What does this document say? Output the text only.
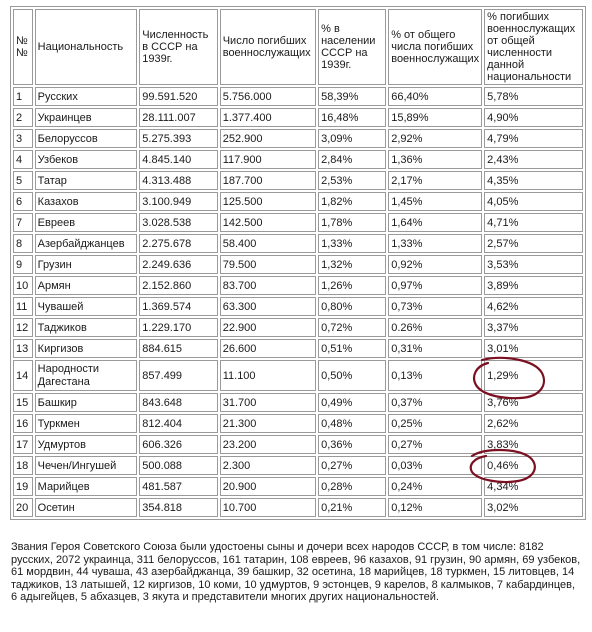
№ №	Национальность	Численность в СССР на 1939г.	Число погибших военнослужащих	% в населении СССР на 1939г.	% от общего числа погибших военнослужащих	% погибших военнослужащих от общей численности данной национальности
1	Русских	99.591.520	5.756.000	58,39%	66,40%	5,78%
2	Украинцев	28.111.007	1.377.400	16,48%	15,89%	4,90%
3	Белоруссов	5.275.393	252.900	3,09%	2,92%	4,79%
4	Узбеков	4.845.140	117.900	2,84%	1,36%	2,43%
5	Татар	4.313.488	187.700	2,53%	2,17%	4,35%
6	Казахов	3.100.949	125.500	1,82%	1,45%	4,05%
7	Евреев	3.028.538	142.500	1,78%	1,64%	4,71%
8	Азербайджанцев	2.275.678	58.400	1,33%	1,33%	2,57%
9	Грузин	2.249.636	79.500	1,32%	0,92%	3,53%
10	Армян	2.152.860	83.700	1,26%	0,97%	3,89%
11	Чувашей	1.369.574	63.300	0,80%	0,73%	4,62%
12	Таджиков	1.229.170	22.900	0,72%	0.26%	3,37%
13	Киргизов	884.615	26.600	0,51%	0,31%	3,01%
14	Народности Дагестана	857.499	11.100	0,50%	0,13%	1,29%
15	Башкир	843.648	31.700	0,49%	0,37%	3,76%
16	Туркмен	812.404	21.300	0,48%	0,25%	2,62%
17	Удмуртов	606.326	23.200	0,36%	0,27%	3,83%
18	Чечен/Ингушей	500.088	2.300	0,27%	0,03%	0,46%
19	Марийцев	481.587	20.900	0,28%	0,24%	4,34%
20	Осетин	354.818	10.700	0,21%	0,12%	3,02%
Звания Героя Советского Союза были удостоены сыны и дочери всех народов СССР, в том числе: 8182 русских, 2072 украинца, 311 белоруссов, 161 татарин, 108 евреев, 96 казахов, 91 грузин, 90 армян, 69 узбеков, 61 мордвин, 44 чуваша, 43 азербайджанца, 39 башкир, 32 осетина, 18 марийцев, 18 туркмен, 15 литовцев, 14 таджиков, 13 латышей, 12 киргизов, 10 коми, 10 удмуртов, 9 эстонцев, 9 карелов, 8 калмыков, 7 кабардинцев, 6 адыгейцев, 5 абхазцев, 3 якута и представители многих других национальностей.
